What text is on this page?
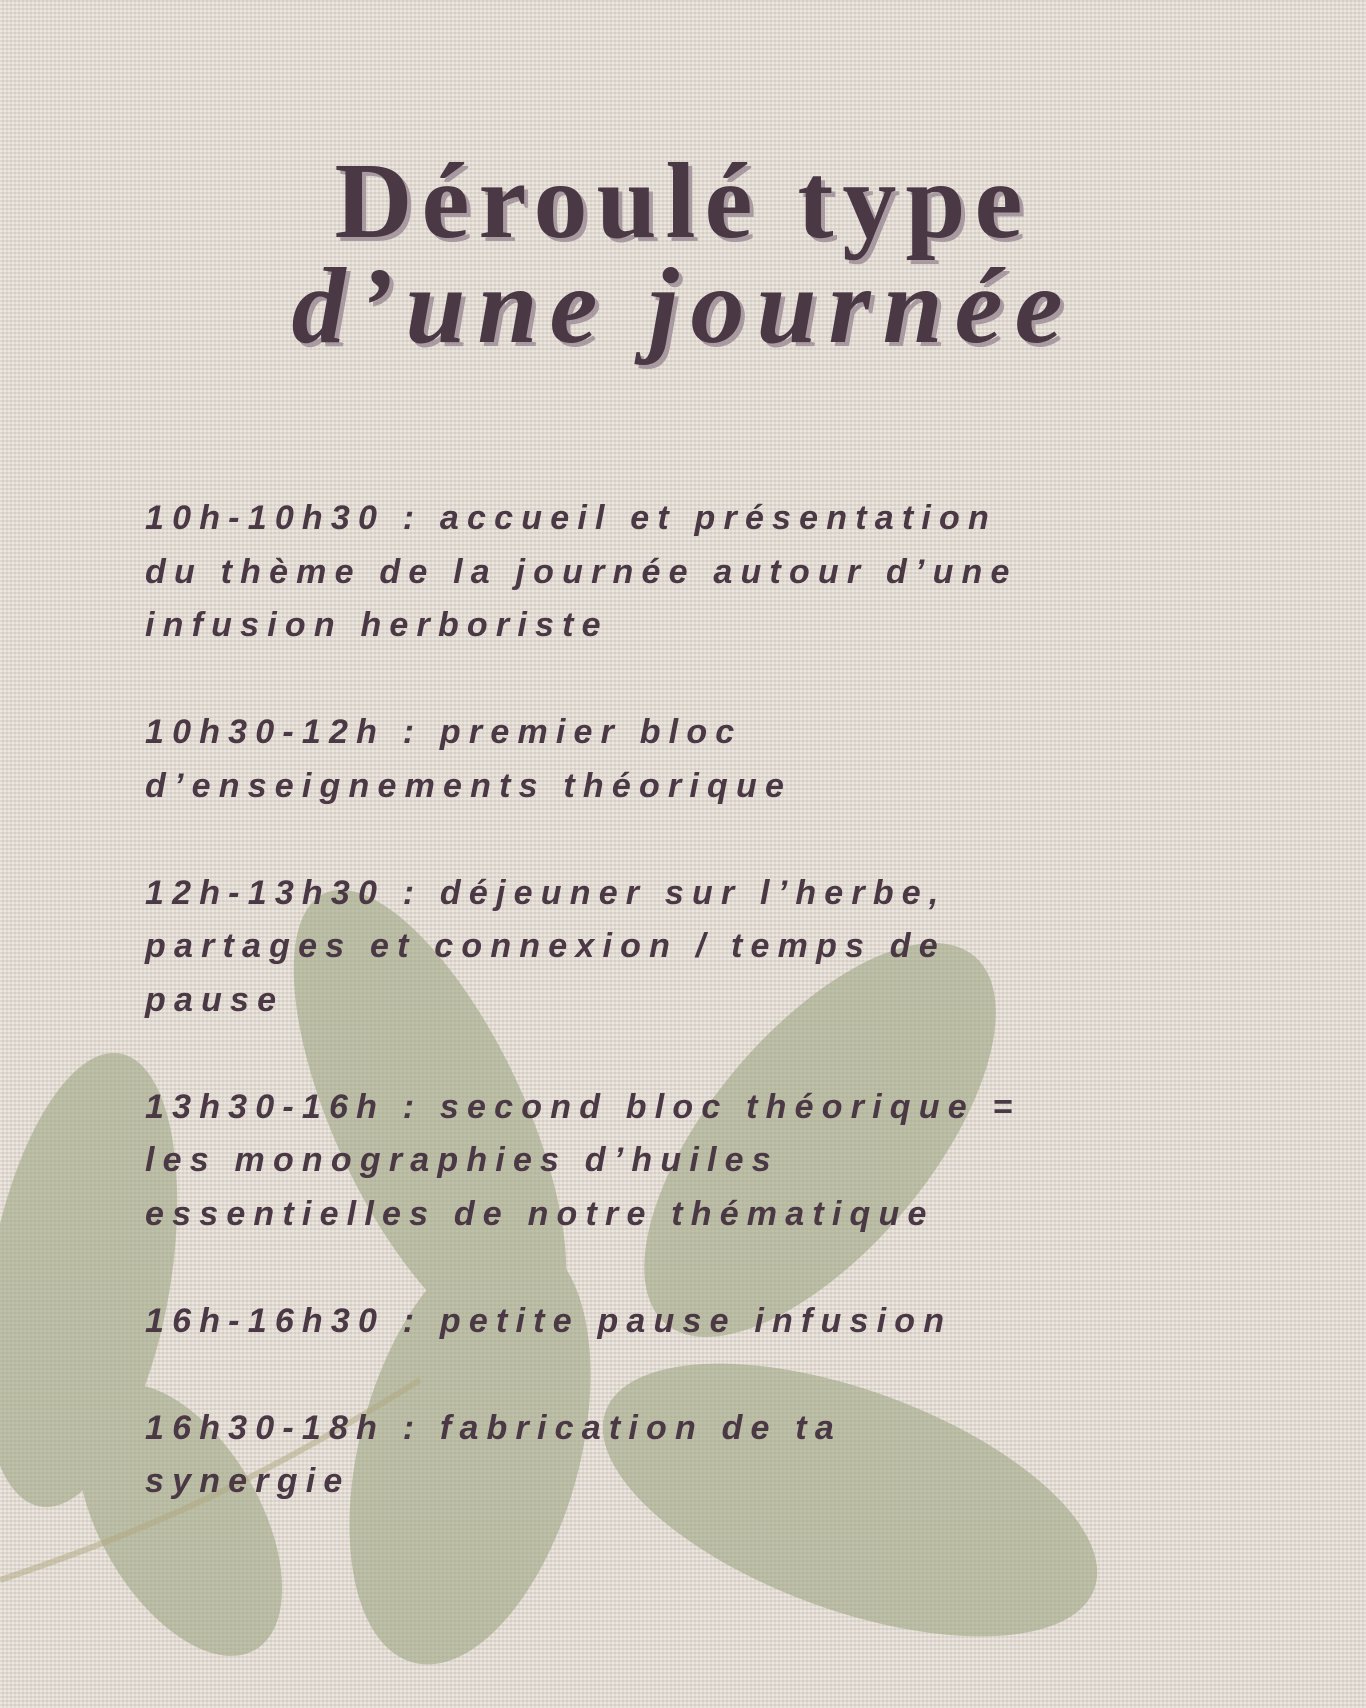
Déroulé type
d’une journée
10h-10h30 : accueil et présentation
du thème de la journée autour d’une
infusion herboriste
10h30-12h : premier bloc
d’enseignements théorique
12h-13h30 : déjeuner sur l’herbe,
partages et connexion / temps de
pause
13h30-16h : second bloc théorique =
les monographies d’huiles
essentielles de notre thématique
16h-16h30 : petite pause infusion
16h30-18h : fabrication de ta
synergie
